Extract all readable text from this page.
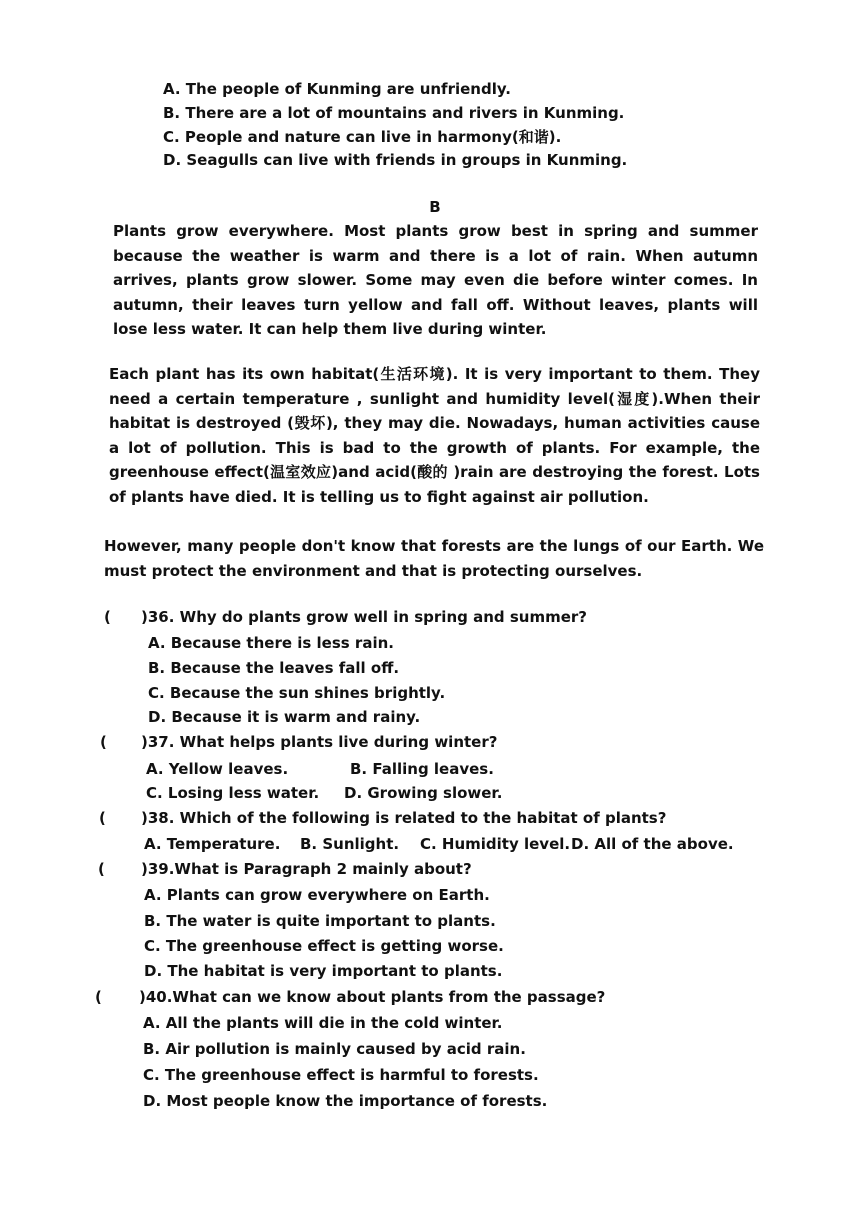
A. The people of Kunming are unfriendly.
B. There are a lot of mountains and rivers in Kunming.
C. People and nature can live in harmony(和谐).
D. Seagulls can live with friends in groups in Kunming.
B
Plants grow everywhere. Most plants grow best in spring and summer because the weather is warm and there is a lot of rain. When autumn arrives, plants grow slower. Some may even die before winter comes. In autumn, their leaves turn yellow and fall off. Without leaves, plants will lose less water. It can help them live during winter.
Each plant has its own habitat(生活环境). It is very important to them. They need a certain temperature , sunlight and humidity level(湿度).When their habitat is destroyed (毁坏), they may die. Nowadays, human activities cause a lot of pollution. This is bad to the growth of plants. For example, the greenhouse effect(温室效应)and acid(酸的 )rain are destroying the forest. Lots of plants have died. It is telling us to fight against air pollution.
However, many people don't know that forests are the lungs of our Earth. We must protect the environment and that is protecting ourselves.
( )36. Why do plants grow well in spring and summer?
A. Because there is less rain.
B. Because the leaves fall off.
C. Because the sun shines brightly.
D. Because it is warm and rainy.
( )37. What helps plants live during winter?
A. Yellow leaves.	B. Falling leaves.
C. Losing less water. D. Growing slower.
( )38. Which of the following is related to the habitat of plants?
A. Temperature. B. Sunlight. C. Humidity level. D. All of the above.
( )39.What is Paragraph 2 mainly about?
A. Plants can grow everywhere on Earth.
B. The water is quite important to plants.
C. The greenhouse effect is getting worse.
D. The habitat is very important to plants.
( )40.What can we know about plants from the passage?
A. All the plants will die in the cold winter.
B. Air pollution is mainly caused by acid rain.
C. The greenhouse effect is harmful to forests.
D. Most people know the importance of forests.
